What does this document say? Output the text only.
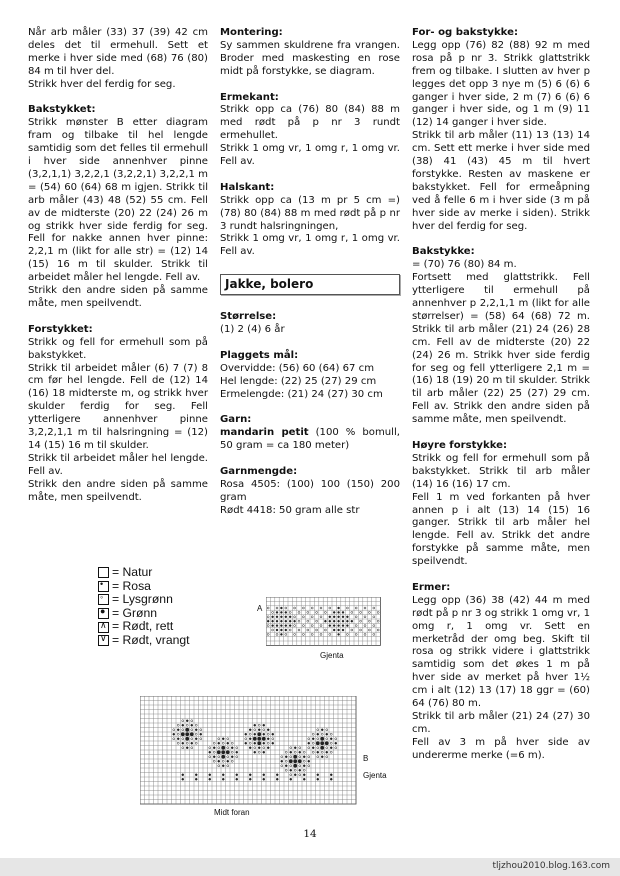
Når arb måler (33) 37 (39) 42 cm deles det til ermehull. Sett et merke i hver side med (68) 76 (80) 84 m til hver del.
Strikk hver del ferdig for seg.

Bakstykket:
Strikk mønster B etter diagram fram og tilbake til hel lengde samtidig som det felles til ermehull i hver side annenhver pinne (3,2,1,1) 3,2,2,1 (3,2,2,1) 3,2,2,1 m = (54) 60 (64) 68 m igjen. Strikk til arb måler (43) 48 (52) 55 cm. Fell av de midterste (20) 22 (24) 26 m og strikk hver side ferdig for seg. Fell for nakke annen hver pinne: 2,2,1 m (likt for alle str) = (12) 14 (15) 16 m til skulder. Strikk til arbeidet måler hel lengde. Fell av.
Strikk den andre siden på samme måte, men speilvendt.

Forstykket:
Strikk og fell for ermehull som på bakstykket.
Strikk til arbeidet måler (6) 7 (7) 8 cm før hel lengde. Fell de (12) 14 (16) 18 midterste m, og strikk hver skulder ferdig for seg. Fell ytterligere annenhver pinne 3,2,2,1,1 m til halsringning = (12) 14 (15) 16 m til skulder.
Strikk til arbeidet måler hel lengde. Fell av.
Strikk den andre siden på samme måte, men speilvendt.

Montering:
Sy sammen skuldrene fra vrangen. Broder med maskesting en rose midt på forstykke, se diagram.

Ermekant:
Strikk opp ca (76) 80 (84) 88 m med rødt på p nr 3 rundt ermehullet.
Strikk 1 omg vr, 1 omg r, 1 omg vr. Fell av.

Halskant:
Strikk opp ca (13 m pr 5 cm =) (78) 80 (84) 88 m med rødt på p nr 3 rundt halsringningen,
Strikk 1 omg vr, 1 omg r, 1 omg vr. Fell av.

Jakke, bolero

Størrelse:
(1) 2 (4) 6 år

Plaggets mål:
Overvidde: (56) 60 (64) 67 cm
Hel lengde: (22) 25 (27) 29 cm
Ermelengde: (21) 24 (27) 30 cm

Garn:
mandarin petit (100 % bomull, 50 gram = ca 180 meter)

Garnmengde:
Rosa 4505: (100) 100 (150) 200 gram
Rødt 4418: 50 gram alle str

For- og bakstykke:
Legg opp (76) 82 (88) 92 m med rosa på p nr 3. Strikk glattstrikk frem og tilbake. I slutten av hver p legges det opp 3 nye m (5) 6 (6) 6 ganger i hver side, 2 m (7) 6 (6) 6 ganger i hver side, og 1 m (9) 11 (12) 14 ganger i hver side.
Strikk til arb måler (11) 13 (13) 14 cm. Sett ett merke i hver side med (38) 41 (43) 45 m til hvert forstykke. Resten av maskene er bakstykket. Fell for ermeåpning ved å felle 6 m i hver side (3 m på hver side av merke i siden). Strikk hver del ferdig for seg.

Bakstykke:
= (70) 76 (80) 84 m.
Fortsett med glattstrikk. Fell ytterligere til ermehull på annenhver p 2,2,1,1 m (likt for alle størrelser) = (58) 64 (68) 72 m. Strikk til arb måler (21) 24 (26) 28 cm. Fell av de midterste (20) 22 (24) 26 m. Strikk hver side ferdig for seg og fell ytterligere 2,1 m = (16) 18 (19) 20 m til skulder. Strikk til arb måler (22) 25 (27) 29 cm. Fell av. Strikk den andre siden på samme måte, men speilvendt.

Høyre forstykke:
Strikk og fell for ermehull som på bakstykket. Strikk til arb måler (14) 16 (16) 17 cm.
Fell 1 m ved forkanten på hver annen p i alt (13) 14 (15) 16 ganger. Strikk til arb måler hel lengde. Fell av. Strikk det andre forstykke på samme måte, men speilvendt.

Ermer:
Legg opp (36) 38 (42) 44 m med rødt på p nr 3 og strikk 1 omg vr, 1 omg r, 1 omg vr. Sett en merketråd der omg beg. Skift til rosa og strikk videre i glattstrikk samtidig som det økes 1 m på hver side av merket på hver 1½ cm i alt (12) 13 (17) 18 ggr = (60) 64 (76) 80 m.
Strikk til arb måler (21) 24 (27) 30 cm.
Fell av 3 m på hver side av undererme merke (=6 m).

= Natur
• = Rosa
◦ = Lysgrønn
● = Grønn
∧ = Rødt, rett
∨ = Rødt, vrangt
A
Gjenta
B
Gjenta
Midt foran
14
tljzhou2010.blog.163.com
